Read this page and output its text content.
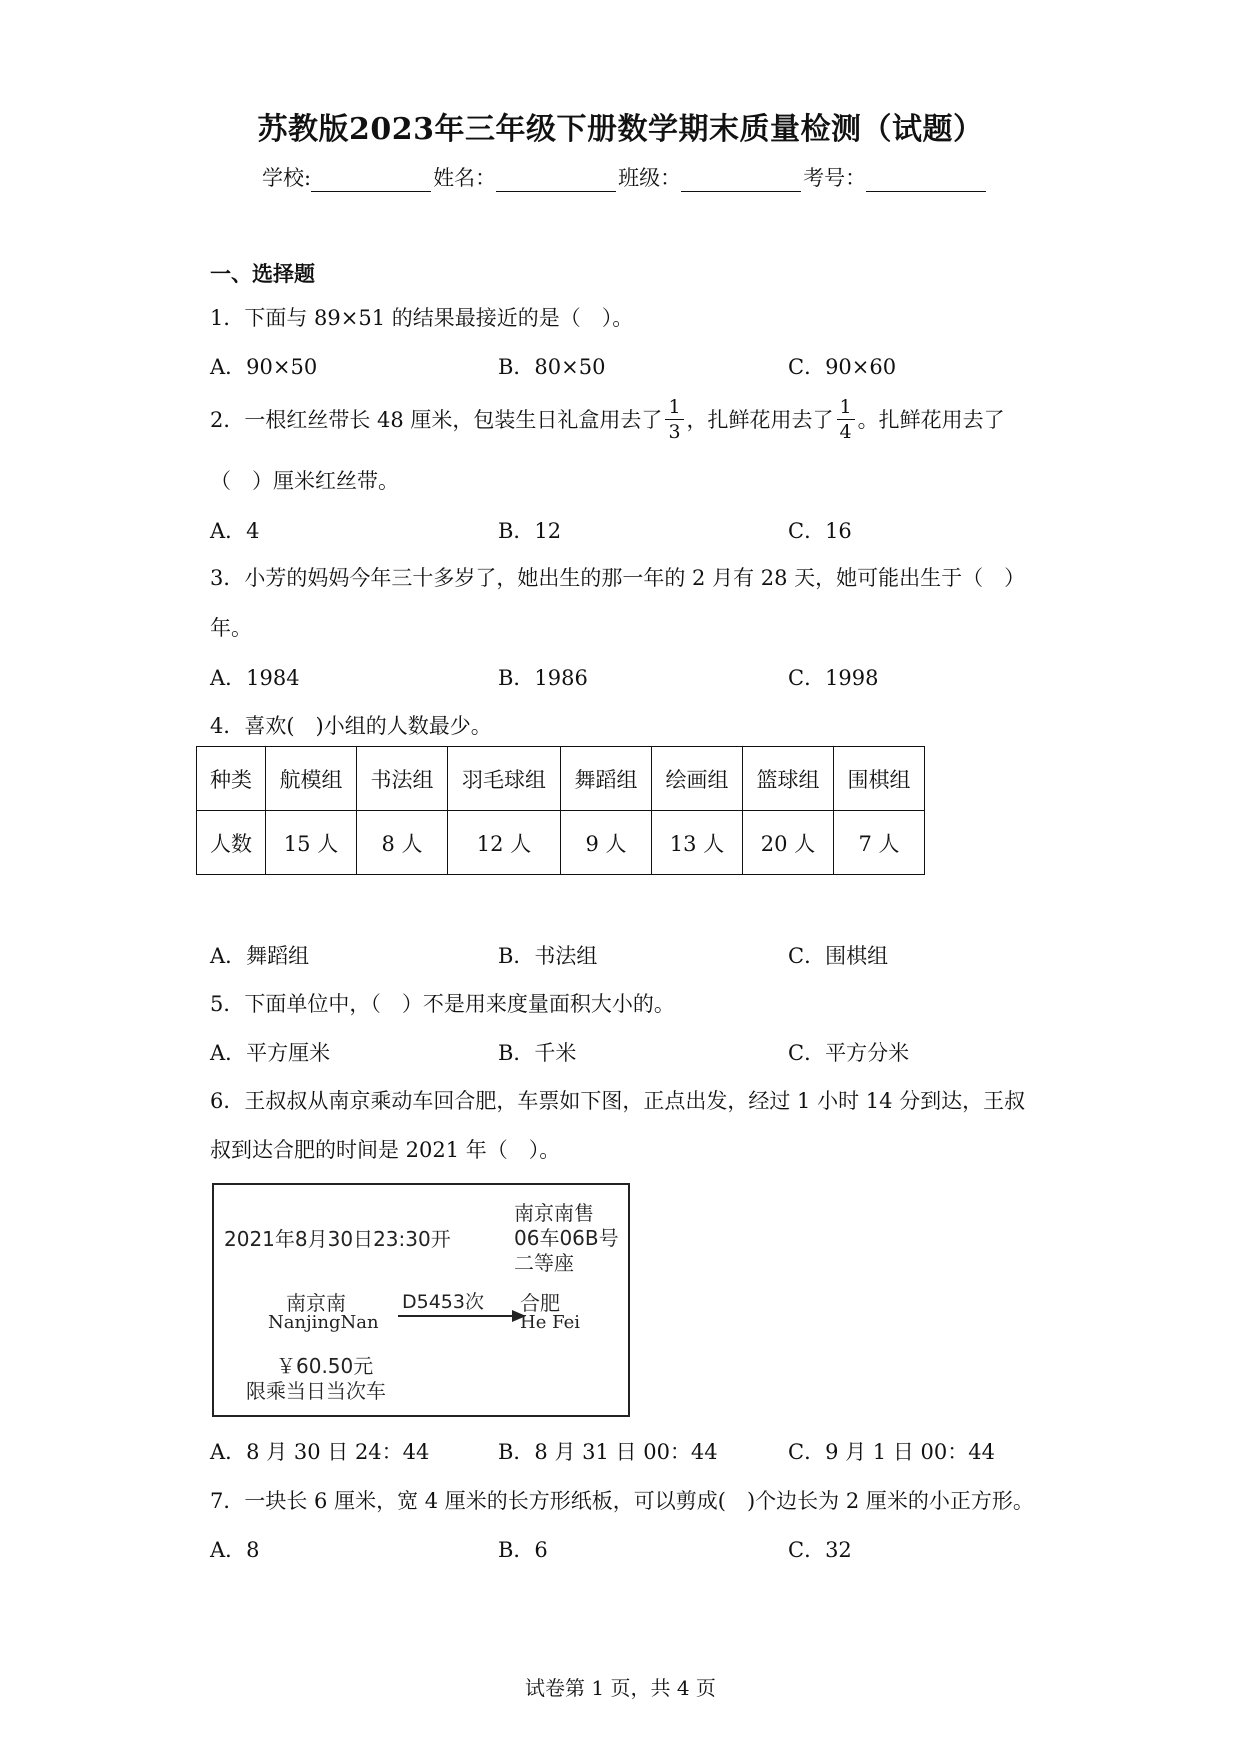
苏教版2023年三年级下册数学期末质量检测（试题）
学校:	姓名：	班级：	考号：
一、选择题
1．下面与 89×51 的结果最接近的是（　）。
A．90×50	B．80×50	C．90×60
2．一根红丝带长 48 厘米，包装生日礼盒用去了 $\frac{1}{3}$ ，扎鲜花用去了 $\frac{1}{4}$ 。扎鲜花用去了
（　）厘米红丝带。
A．4	B．12	C．16
3．小芳的妈妈今年三十多岁了，她出生的那一年的 2 月有 28 天，她可能出生于（　）
年。
A．1984	B．1986	C．1998
4．喜欢(　)小组的人数最少。
种类	航模组	书法组	羽毛球组	舞蹈组	绘画组	篮球组	围棋组
人数	15 人	8 人	12 人	9 人	13 人	20 人	7 人
A．舞蹈组	B．书法组	C．围棋组
5．下面单位中，（　）不是用来度量面积大小的。
A．平方厘米	B．千米	C．平方分米
6．王叔叔从南京乘动车回合肥，车票如下图，正点出发，经过 1 小时 14 分到达，王叔
叔到达合肥的时间是 2021 年（　）。
2021年8月30日23:30开
南京南售
06车06B号
二等座
南京南
NanjingNan
D5453次 合肥
He Fei
￥60.50元
限乘当日当次车
A．8 月 30 日 24：44	B．8 月 31 日 00：44	C．9 月 1 日 00：44
7．一块长 6 厘米，宽 4 厘米的长方形纸板，可以剪成(　)个边长为 2 厘米的小正方形。
A．8	B．6	C．32
试卷第 1 页，共 4 页
